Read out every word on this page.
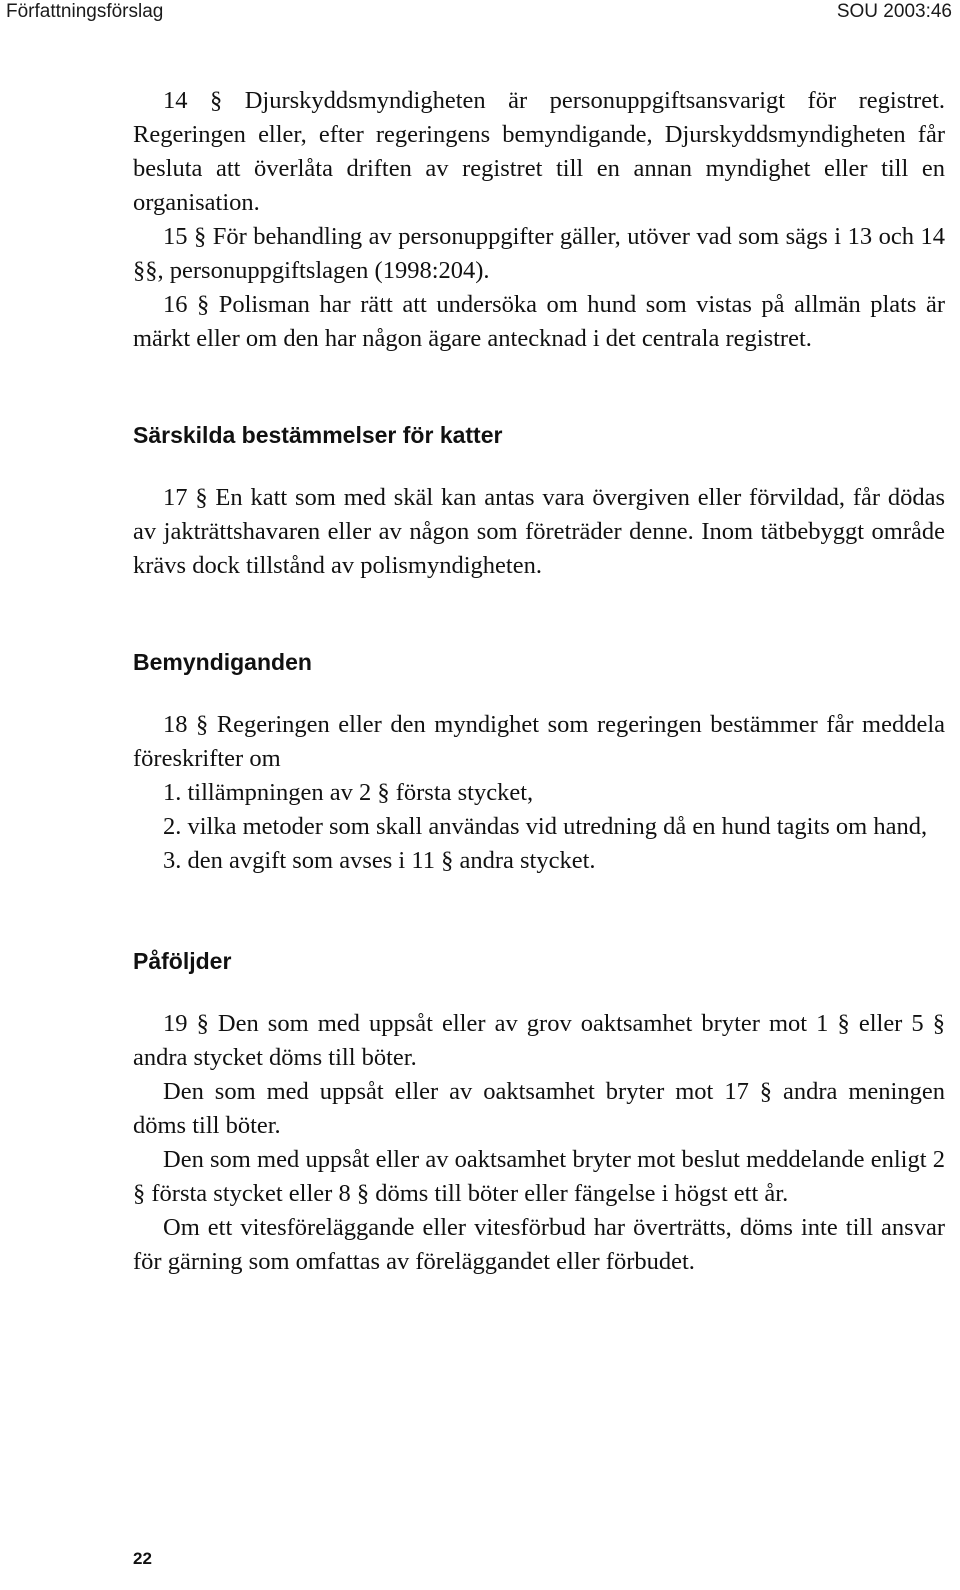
Författningsförslag	SOU 2003:46

14 § Djurskyddsmyndigheten är personuppgiftsansvarigt för registret. Regeringen eller, efter regeringens bemyndigande, Djurskyddsmyndigheten får besluta att överlåta driften av registret till en annan myndighet eller till en organisation.

15 § För behandling av personuppgifter gäller, utöver vad som sägs i 13 och 14 §§, personuppgiftslagen (1998:204).

16 § Polisman har rätt att undersöka om hund som vistas på allmän plats är märkt eller om den har någon ägare antecknad i det centrala registret.

Särskilda bestämmelser för katter

17 § En katt som med skäl kan antas vara övergiven eller förvildad, får dödas av jakträttshavaren eller av någon som företräder denne. Inom tätbebyggt område krävs dock tillstånd av polismyndigheten.

Bemyndiganden

18 § Regeringen eller den myndighet som regeringen bestämmer får meddela föreskrifter om

1. tillämpningen av 2 § första stycket,

2. vilka metoder som skall användas vid utredning då en hund tagits om hand,

3. den avgift som avses i 11 § andra stycket.

Påföljder

19 § Den som med uppsåt eller av grov oaktsamhet bryter mot 1 § eller 5 § andra stycket döms till böter.

Den som med uppsåt eller av oaktsamhet bryter mot 17 § andra meningen döms till böter.

Den som med uppsåt eller av oaktsamhet bryter mot beslut meddelande enligt 2 § första stycket eller 8 § döms till böter eller fängelse i högst ett år.

Om ett vitesföreläggande eller vitesförbud har överträtts, döms inte till ansvar för gärning som omfattas av föreläggandet eller förbudet.

22
